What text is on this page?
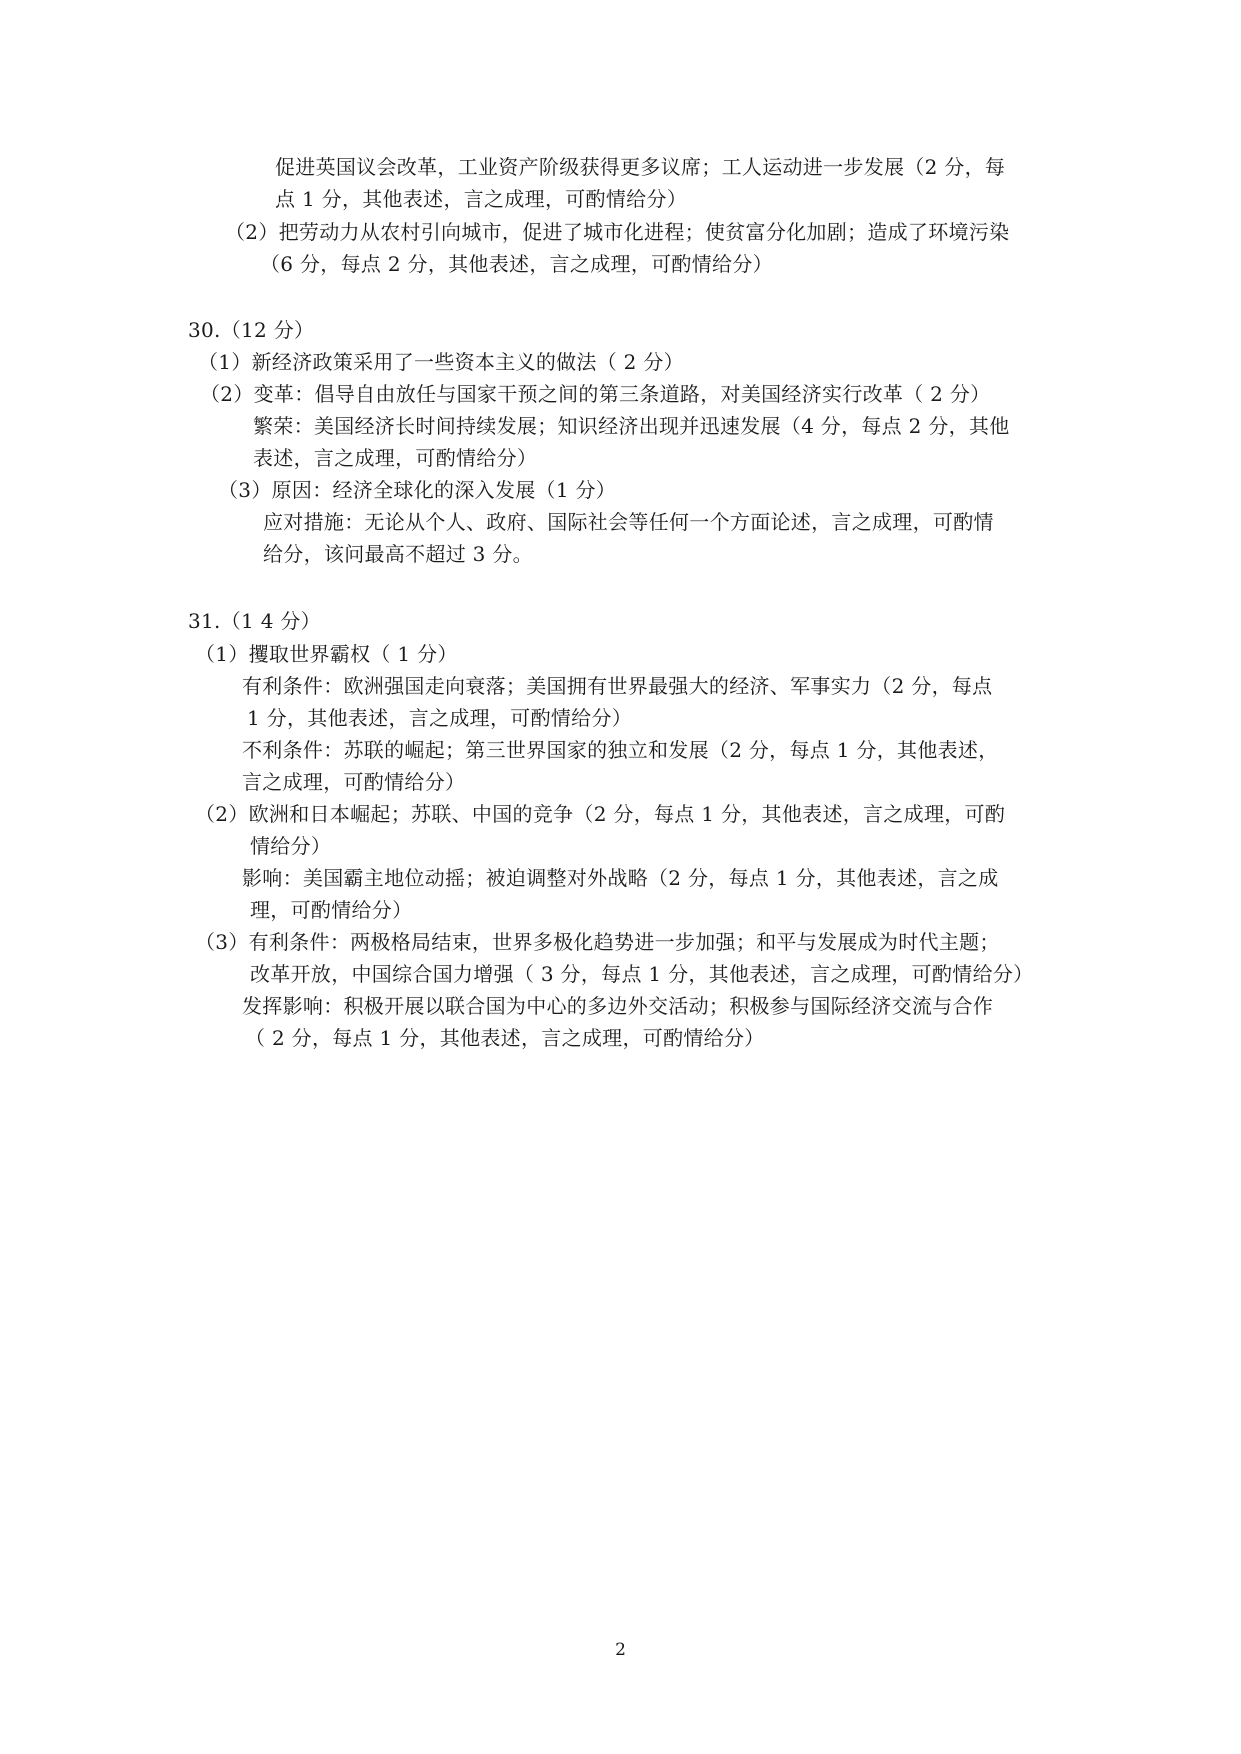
促进英国议会改革，工业资产阶级获得更多议席；工人运动进一步发展（2 分，每
点 1 分，其他表述，言之成理，可酌情给分）
（2）把劳动力从农村引向城市，促进了城市化进程；使贫富分化加剧；造成了环境污染
（6 分，每点 2 分，其他表述，言之成理，可酌情给分）
30.（12 分）
（1）新经济政策采用了一些资本主义的做法（ 2 分）
（2）变革：倡导自由放任与国家干预之间的第三条道路，对美国经济实行改革（ 2 分）
繁荣：美国经济长时间持续发展；知识经济出现并迅速发展（4 分，每点 2 分，其他
表述，言之成理，可酌情给分）
（3）原因：经济全球化的深入发展（1 分）
应对措施：无论从个人、政府、国际社会等任何一个方面论述，言之成理，可酌情
给分，该问最高不超过 3 分。
31.（1 4 分）
（1）攫取世界霸权（ 1 分）
有利条件：欧洲强国走向衰落；美国拥有世界最强大的经济、军事实力（2 分，每点
1 分，其他表述，言之成理，可酌情给分）
不利条件：苏联的崛起；第三世界国家的独立和发展（2 分，每点 1 分，其他表述，
言之成理，可酌情给分）
（2）欧洲和日本崛起；苏联、中国的竞争（2 分，每点 1 分，其他表述，言之成理，可酌
情给分）
影响：美国霸主地位动摇；被迫调整对外战略（2 分，每点 1 分，其他表述，言之成
理，可酌情给分）
（3）有利条件：两极格局结束，世界多极化趋势进一步加强；和平与发展成为时代主题；
改革开放，中国综合国力增强（ 3 分，每点 1 分，其他表述，言之成理，可酌情给分）
发挥影响：积极开展以联合国为中心的多边外交活动；积极参与国际经济交流与合作
（ 2 分，每点 1 分，其他表述，言之成理，可酌情给分）
2
